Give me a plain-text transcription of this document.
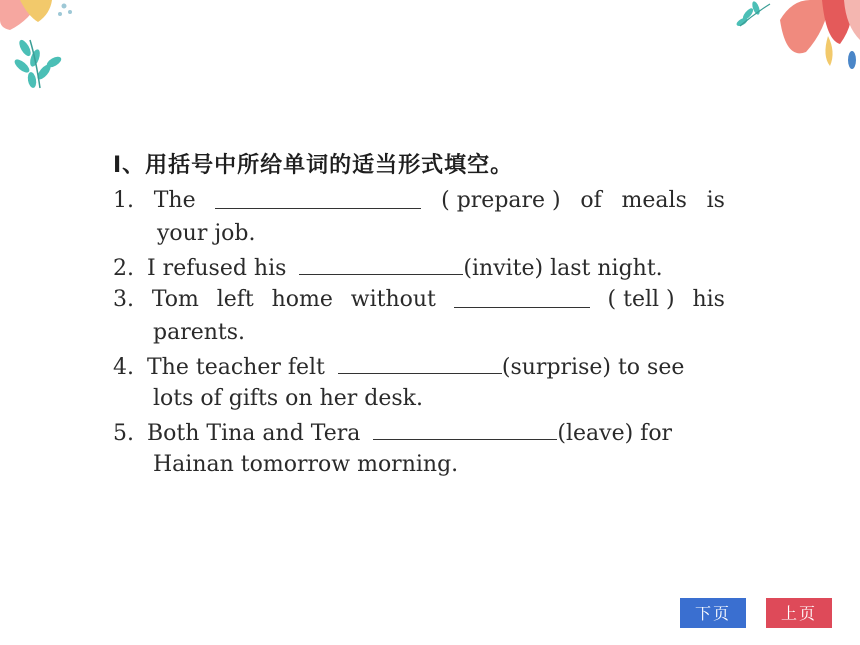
Ⅰ、用括号中所给单词的适当形式填空。
1. The	( prepare ) of meals is
your job.
2. I refused his	(invite) last night.
3. Tom left home without	( tell ) his
parents.
4. The teacher felt	(surprise) to see
lots of gifts on her desk.
5. Both Tina and Tera	(leave) for
Hainan tomorrow morning.
下页	上页
